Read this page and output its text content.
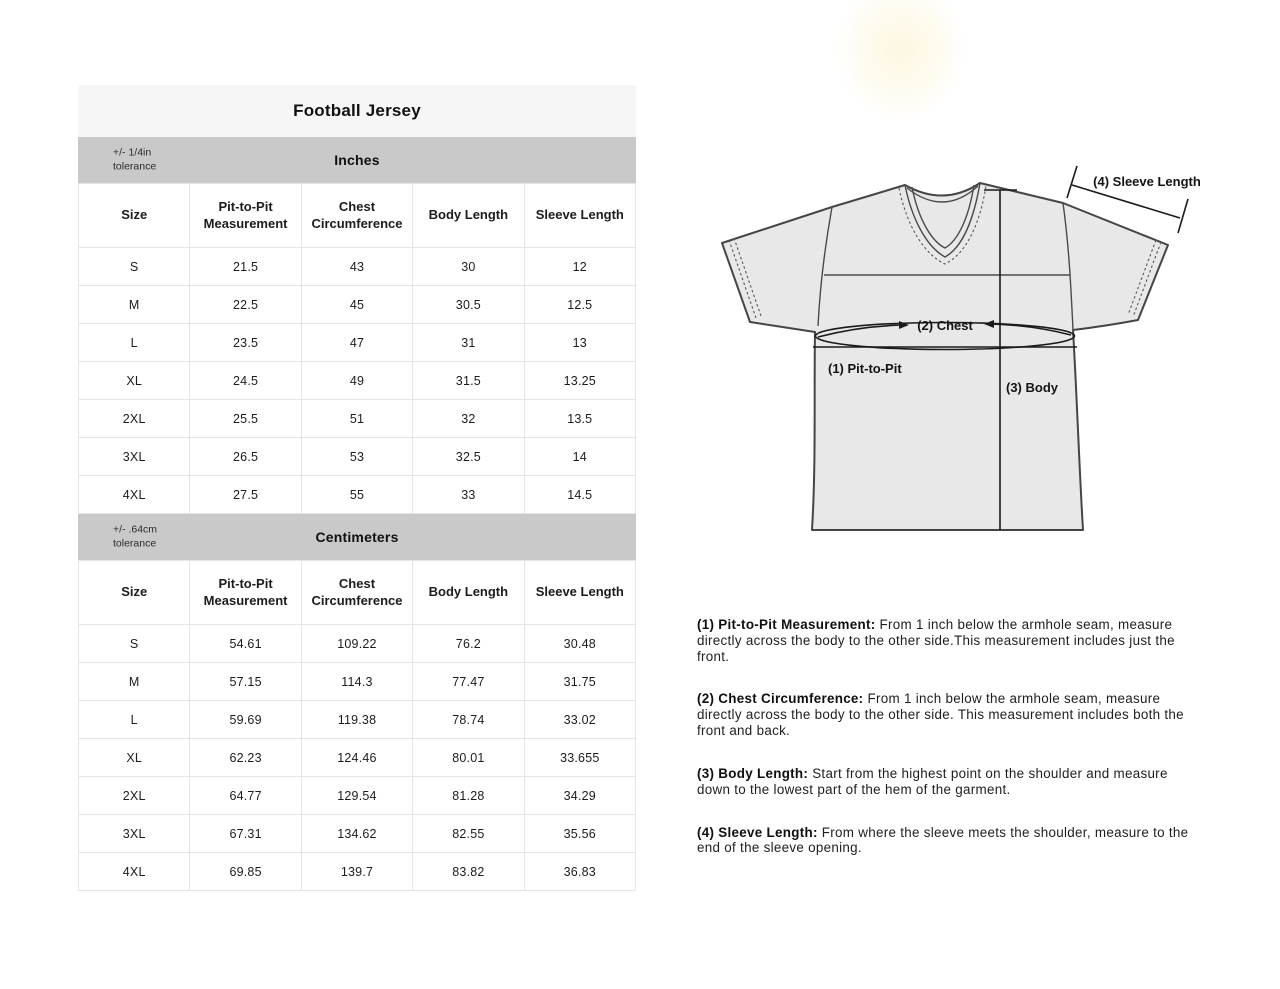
Football Jersey
+/- 1/4in tolerance	Inches
Size	Pit-to-Pit Measurement	Chest Circumference	Body Length	Sleeve Length
S	21.5	43	30	12
M	22.5	45	30.5	12.5
L	23.5	47	31	13
XL	24.5	49	31.5	13.25
2XL	25.5	51	32	13.5
3XL	26.5	53	32.5	14
4XL	27.5	55	33	14.5
+/- .64cm tolerance	Centimeters
Size	Pit-to-Pit Measurement	Chest Circumference	Body Length	Sleeve Length
S	54.61	109.22	76.2	30.48
M	57.15	114.3	77.47	31.75
L	59.69	119.38	78.74	33.02
XL	62.23	124.46	80.01	33.655
2XL	64.77	129.54	81.28	34.29
3XL	67.31	134.62	82.55	35.56
4XL	69.85	139.7	83.82	36.83
(2) Chest
(1) Pit-to-Pit
(3) Body
(4) Sleeve Length

(1) Pit-to-Pit Measurement: From 1 inch below the armhole seam, measure directly across the body to the other side.This measurement includes just the front.

(2) Chest Circumference: From 1 inch below the armhole seam, measure directly across the body to the other side. This measurement includes both the front and back.

(3) Body Length: Start from the highest point on the shoulder and measure down to the lowest part of the hem of the garment.

(4) Sleeve Length: From where the sleeve meets the shoulder, measure to the end of the sleeve opening.
